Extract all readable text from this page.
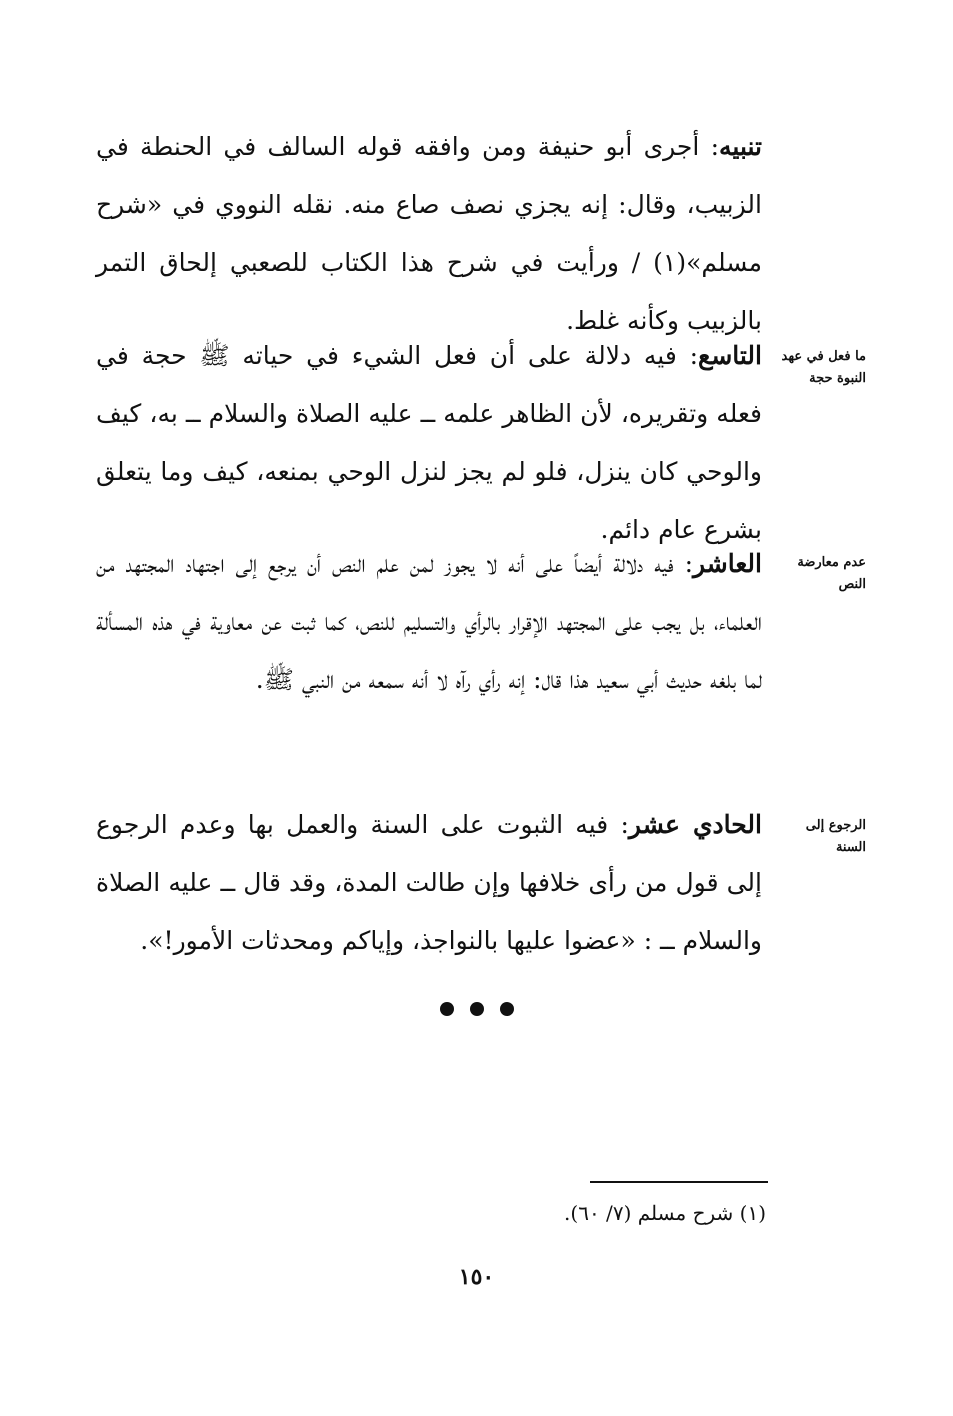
تنبيه: أجرى أبو حنيفة ومن وافقه قوله السالف في الحنطة في الزبيب، وقال: إنه يجزي نصف صاع منه. نقله النووي في «شرح مسلم»(١) / ورأيت في شرح هذا الكتاب للصعبي إلحاق التمر بالزبيب وكأنه غلط.

التاسع: فيه دلالة على أن فعل الشيء في حياته ﷺ حجة في فعله وتقريره، لأن الظاهر علمه ــ عليه الصلاة والسلام ــ به، كيف والوحي كان ينزل، فلو لم يجز لنزل الوحي بمنعه، كيف وما يتعلق بشرع عام دائم.

ما فعل في عهد
النبوة حجة

العاشر: فيه دلالة أيضاً على أنه لا يجوز لمن علم النص أن يرجع إلى اجتهاد المجتهد من العلماء، بل يجب على المجتهد الإقرار بالرأي والتسليم للنص، كما ثبت عن معاوية في هذه المسألة لما بلغه حديث أبي سعيد هذا قال: إنه رأي رآه لا أنه سمعه من النبي ﷺ.

عدم معارضة
النص

الحادي عشر: فيه الثبوت على السنة والعمل بها وعدم الرجوع إلى قول من رأى خلافها وإن طالت المدة، وقد قال ــ عليه الصلاة والسلام ــ : «عضوا عليها بالنواجذ، وإياكم ومحدثات الأمور!».

الرجوع إلى
السنة

(١) شرح مسلم (٧/ ٦٠).

١٥٠
